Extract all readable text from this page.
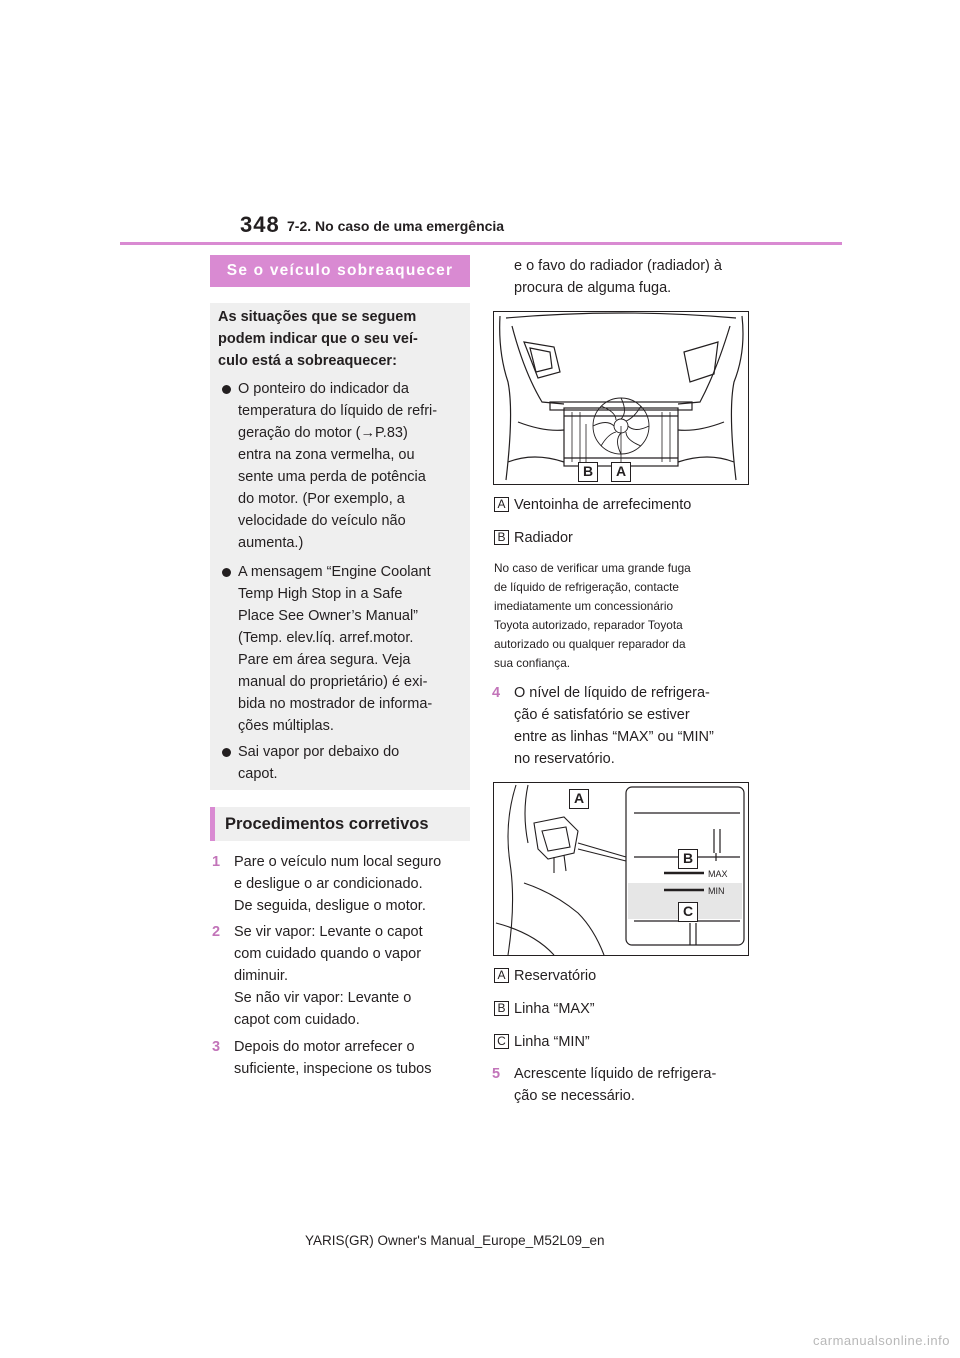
348 7-2. No caso de uma emergência
Se o veículo sobreaquecer
As situações que se seguem
podem indicar que o seu veí-
culo está a sobreaquecer:
O ponteiro do indicador da
temperatura do líquido de refri-
geração do motor (→P.83)
entra na zona vermelha, ou
sente uma perda de potência
do motor. (Por exemplo, a
velocidade do veículo não
aumenta.)
A mensagem “Engine Coolant
Temp High Stop in a Safe
Place See Owner’s Manual”
(Temp. elev.líq. arref.motor.
Pare em área segura. Veja
manual do proprietário) é exi-
bida no mostrador de informa-
ções múltiplas.
Sai vapor por debaixo do
capot.
Procedimentos corretivos
1 Pare o veículo num local seguro
e desligue o ar condicionado.
De seguida, desligue o motor.
2 Se vir vapor: Levante o capot
com cuidado quando o vapor
diminuir.
Se não vir vapor: Levante o
capot com cuidado.
3 Depois do motor arrefecer o
suficiente, inspecione os tubos
e o favo do radiador (radiador) à
procura de alguma fuga.
B	A
A Ventoinha de arrefecimento
B Radiador
No caso de verificar uma grande fuga
de líquido de refrigeração, contacte
imediatamente um concessionário
Toyota autorizado, reparador Toyota
autorizado ou qualquer reparador da
sua confiança.
4 O nível de líquido de refrigera-
ção é satisfatório se estiver
entre as linhas “MAX” ou “MIN”
no reservatório.
MAX
MIN
A
B
C
A Reservatório
B Linha “MAX”
C Linha “MIN”
5 Acrescente líquido de refrigera-
ção se necessário.
YARIS(GR) Owner's Manual_Europe_M52L09_en
carmanualsonline.info
